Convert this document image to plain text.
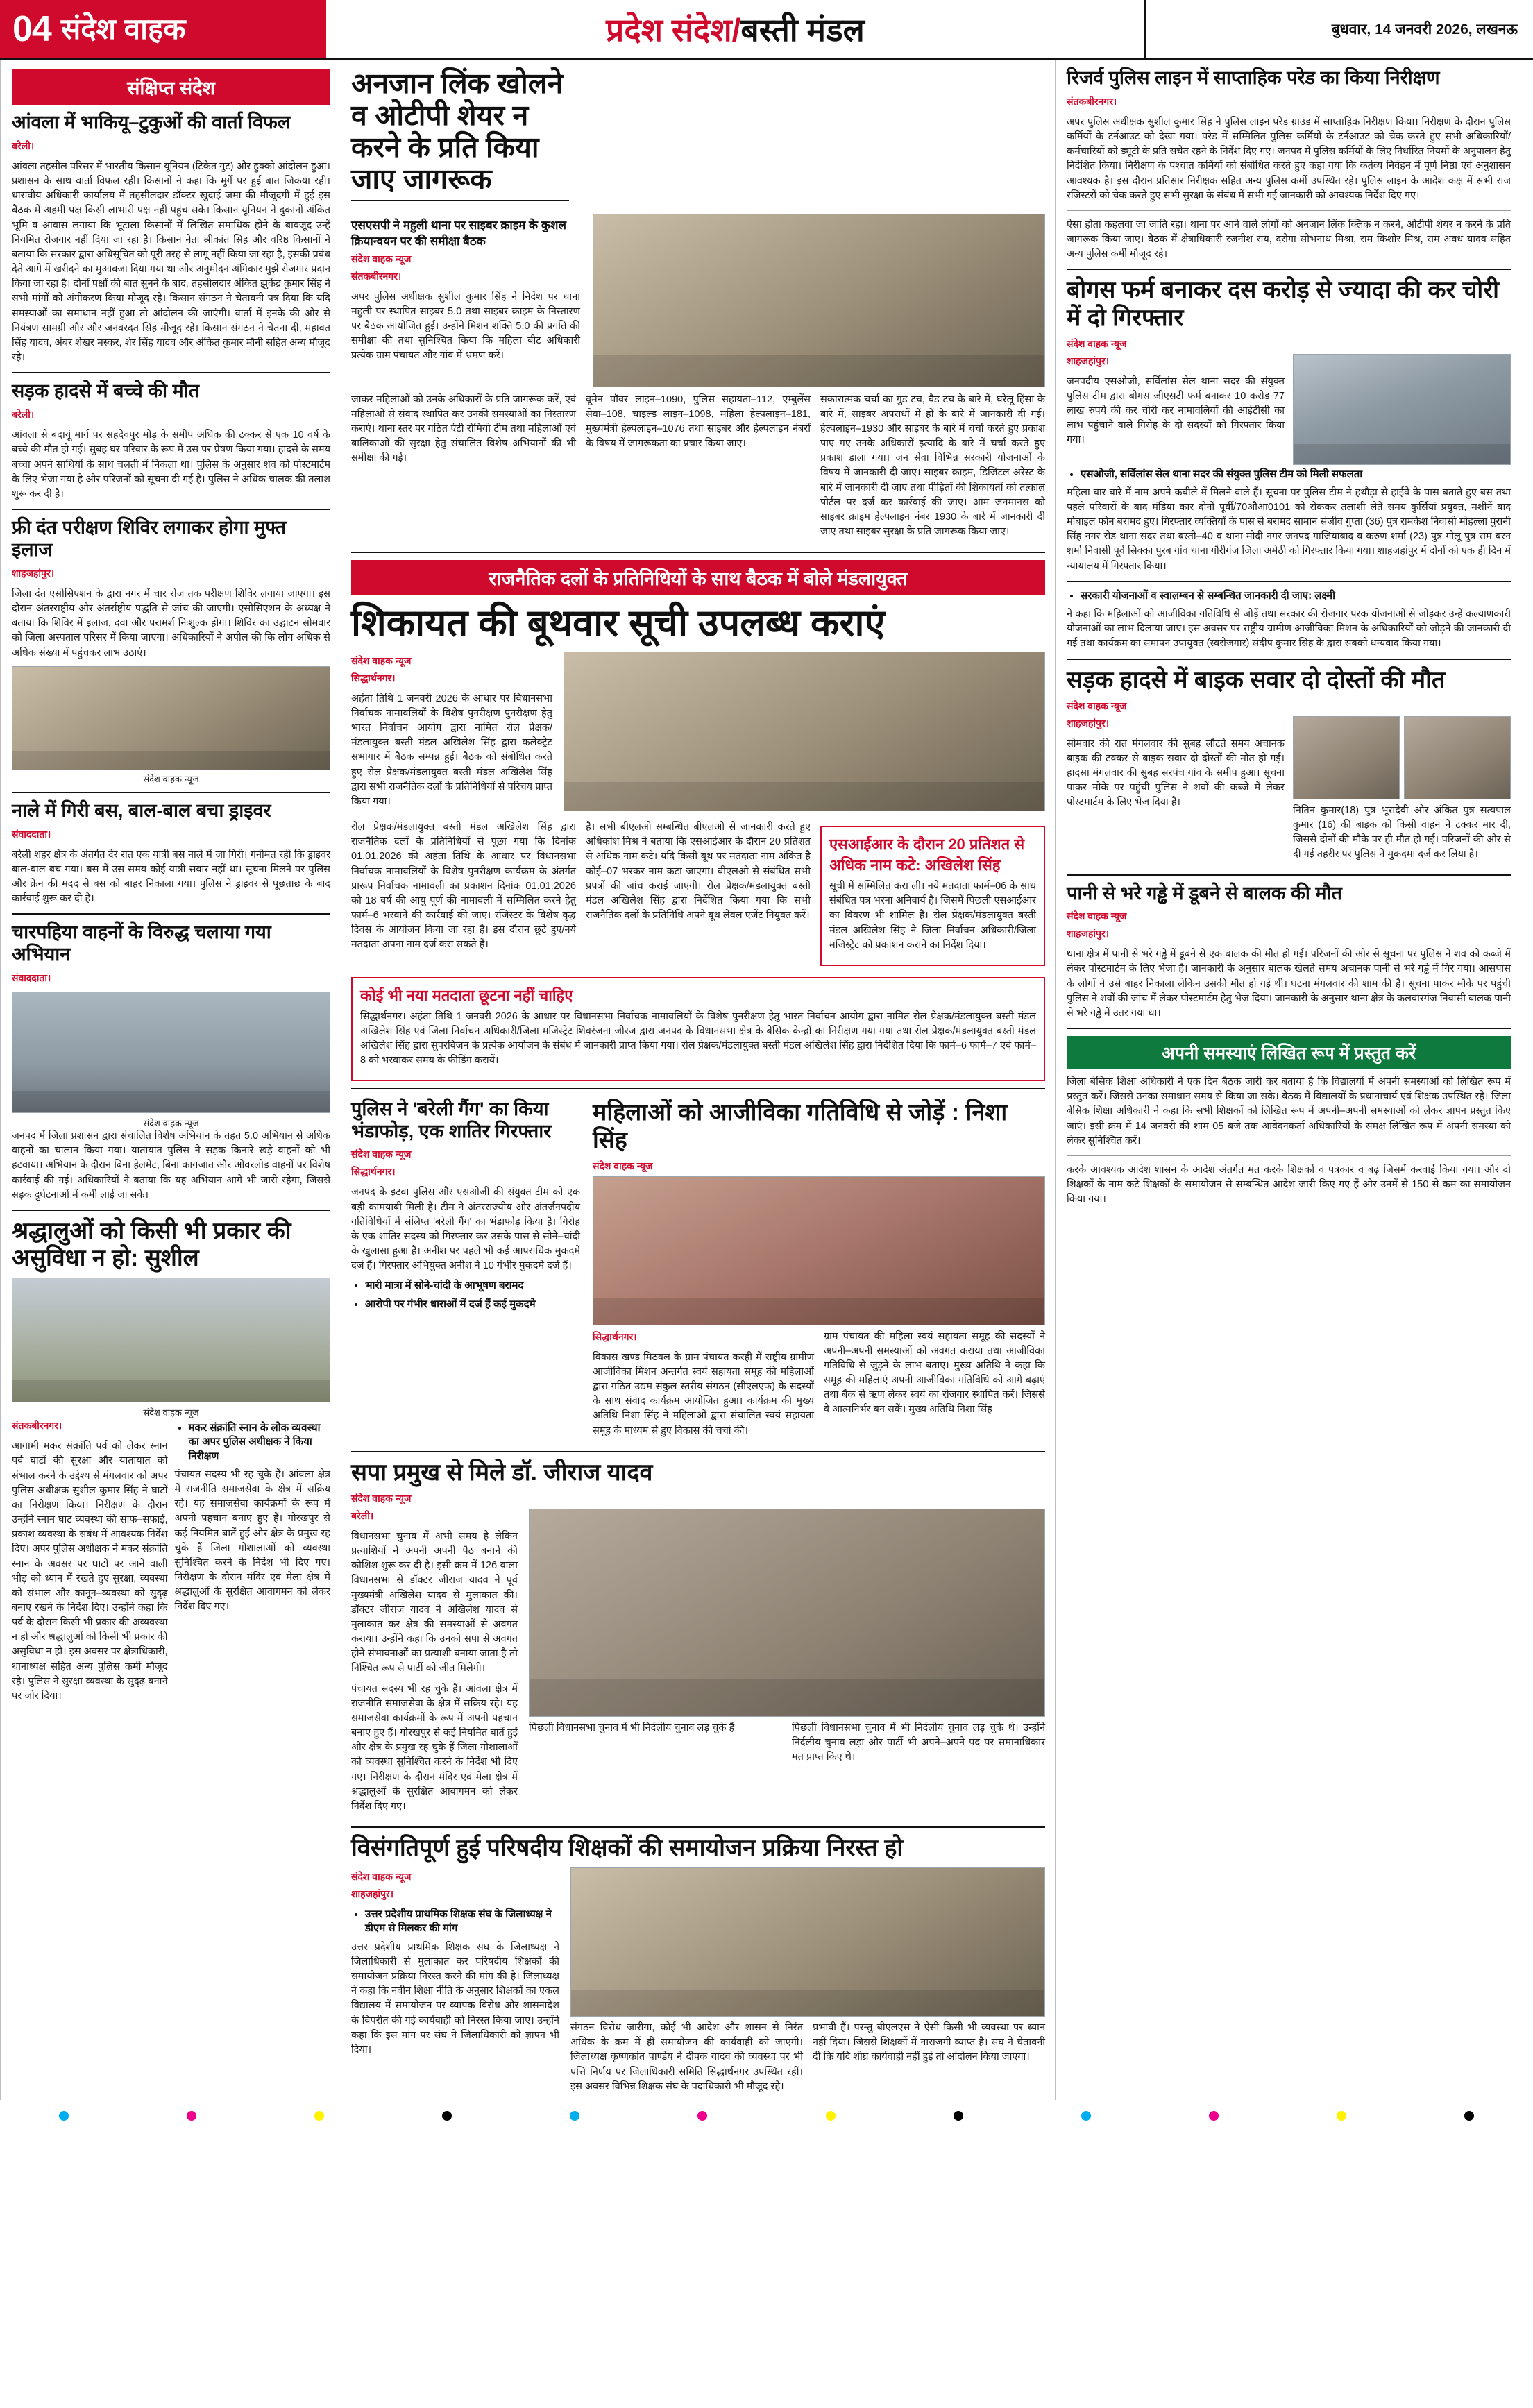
04 संदेश वाहक	प्रदेश संदेश/बस्ती मंडल	बुधवार, 14 जनवरी 2026, लखनऊ
संक्षिप्त संदेश
आंवला में भाकियू–टुकुओं की वार्ता विफल

बरेली।

आंवला तहसील परिसर में भारतीय किसान यूनियन (टिकैत गुट) और हुक्को आंदोलन हुआ। प्रशासन के साथ वार्ता विफल रही। किसानों ने कहा कि मुर्गे पर हुई बात जिकया रही। धारावीय अधिकारी कार्यालय में तहसीलदार डॉक्टर खुदाई जमा की मौजूदगी में हुई इस बैठक में अहमी पक्ष किसी लाभारी पक्ष नहीं पहुंच सके। किसान यूनियन ने दुकानों अंकित भूमि व आवास लगाया कि भूटाला किसानों में लिखित समाधिक होने के बावजूद उन्हें नियमित रोजगार नहीं दिया जा रहा है। किसान नेता श्रीकांत सिंह और वरिष्ठ किसानों ने बताया कि सरकार द्वारा अधिसूचित को पूरी तरह से लागू नहीं किया जा रहा है, इसकी प्रबंध देते आगे में खरीदने का मुआवजा दिया गया था और अनुमोदन अंगिकार मुझे रोजगार प्रदान किया जा रहा है। दोनों पक्षों की बात सुनने के बाद, तहसीलदार अंकित झुकेंद्र कुमार सिंह ने सभी मांगों को अंगीकरण किया मौजूद रहे। किसान संगठन ने चेतावनी पत्र दिया कि यदि समस्याओं का समाधान नहीं हुआ तो आंदोलन की जाएंगी। वार्ता में इनके की ओर से नियंत्रण सामग्री और और जनवरदत सिंह मौजूद रहे। किसान संगठन ने चेतना दी, महावत सिंह यादव, अंबर शेखर मस्कर, शेर सिंह यादव और अंकित कुमार मौनी सहित अन्य मौजूद रहे।

सड़क हादसे में बच्चे की मौत

बरेली।

आंवला से बदायूं मार्ग पर सहदेवपुर मोड़ के समीप अधिक की टक्कर से एक 10 वर्ष के बच्चे की मौत हो गई। सुबह घर परिवार के रूप में उस पर प्रेषण किया गया। हादसे के समय बच्चा अपने साथियों के साथ चलती में निकला था। पुलिस के अनुसार शव को पोस्टमार्टम के लिए भेजा गया है और परिजनों को सूचना दी गई है। पुलिस ने अधिक चालक की तलाश शुरू कर दी है।

फ्री दंत परीक्षण शिविर लगाकर होगा मुफ्त इलाज

शाहजहांपुर।

जिला दंत एसोसिएशन के द्वारा नगर में चार रोज तक परीक्षण शिविर लगाया जाएगा। इस दौरान अंतरराष्ट्रीय और अंतर्राष्ट्रीय पद्धति से जांच की जाएगी। एसोसिएशन के अध्यक्ष ने बताया कि शिविर में इलाज, दवा और परामर्श निःशुल्क होगा। शिविर का उद्घाटन सोमवार को जिला अस्पताल परिसर में किया जाएगा। अधिकारियों ने अपील की कि लोग अधिक से अधिक संख्या में पहुंचकर लाभ उठाएं।

संदेश वाहक न्यूज
नाले में गिरी बस, बाल-बाल बचा ड्राइवर

संवाददाता।

बरेली शहर क्षेत्र के अंतर्गत देर रात एक यात्री बस नाले में जा गिरी। गनीमत रही कि ड्राइवर बाल-बाल बच गया। बस में उस समय कोई यात्री सवार नहीं था। सूचना मिलने पर पुलिस और क्रेन की मदद से बस को बाहर निकाला गया। पुलिस ने ड्राइवर से पूछताछ के बाद कार्रवाई शुरू कर दी है।

चारपहिया वाहनों के विरुद्ध चलाया गया अभियान

संवाददाता।

संदेश वाहक न्यूज

जनपद में जिला प्रशासन द्वारा संचालित विशेष अभियान के तहत 5.0 अभियान से अधिक वाहनों का चालान किया गया। यातायात पुलिस ने सड़क किनारे खड़े वाहनों को भी हटवाया। अभियान के दौरान बिना हेलमेट, बिना कागजात और ओवरलोड वाहनों पर विशेष कार्रवाई की गई। अधिकारियों ने बताया कि यह अभियान आगे भी जारी रहेगा, जिससे सड़क दुर्घटनाओं में कमी लाई जा सके।

श्रद्धालुओं को किसी भी प्रकार की असुविधा न हो: सुशील
संदेश वाहक न्यूज

संतकबीरनगर।

आगामी मकर संक्रांति पर्व को लेकर स्नान पर्व घाटों की सुरक्षा और यातायात को संभाल करने के उद्देश्य से मंगलवार को अपर पुलिस अधीक्षक सुशील कुमार सिंह ने घाटों का निरीक्षण किया। निरीक्षण के दौरान उन्होंने स्नान घाट व्यवस्था की साफ–सफाई, प्रकाश व्यवस्था के संबंध में आवश्यक निर्देश दिए। अपर पुलिस अधीक्षक ने मकर संक्रांति स्नान के अवसर पर घाटों पर आने वाली भीड़ को ध्यान में रखते हुए सुरक्षा, व्यवस्था को संभाल और कानून–व्यवस्था को सुदृढ़ बनाए रखने के निर्देश दिए। उन्होंने कहा कि पर्व के दौरान किसी भी प्रकार की अव्यवस्था न हो और श्रद्धालुओं को किसी भी प्रकार की असुविधा न हो। इस अवसर पर क्षेत्राधिकारी, थानाध्यक्ष सहित अन्य पुलिस कर्मी मौजूद रहे। पुलिस ने सुरक्षा व्यवस्था के सुदृढ़ बनाने पर जोर दिया।

• मकर संक्रांति स्नान के लोक व्यवस्था का अपर पुलिस अधीक्षक ने किया निरीक्षण

पंचायत सदस्य भी रह चुके हैं। आंवला क्षेत्र में राजनीति समाजसेवा के क्षेत्र में सक्रिय रहे। यह समाजसेवा कार्यक्रमों के रूप में अपनी पहचान बनाए हुए हैं। गोरखपुर से कई नियमित बातें हुईं और क्षेत्र के प्रमुख रह चुके हैं जिला गोशालाओं को व्यवस्था सुनिश्चित करने के निर्देश भी दिए गए। निरीक्षण के दौरान मंदिर एवं मेला क्षेत्र में श्रद्धालुओं के सुरक्षित आवागमन को लेकर निर्देश दिए गए।

अनजान लिंक खोलने व ओटीपी शेयर न करने के प्रति किया जाए जागरूक
एसएसपी ने महुली थाना पर साइबर क्राइम के कुशल क्रियान्वयन पर की समीक्षा बैठक
संदेश वाहक न्यूज

संतकबीरनगर।

अपर पुलिस अधीक्षक सुशील कुमार सिंह ने निर्देश पर थाना महुली पर स्थापित साइबर 5.0 तथा साइबर क्राइम के निस्तारण पर बैठक आयोजित हुई। उन्होंने मिशन शक्ति 5.0 की प्रगति की समीक्षा की तथा सुनिश्चित किया कि महिला बीट अधिकारी प्रत्येक ग्राम पंचायत और गांव में भ्रमण करें।

जाकर महिलाओं को उनके अधिकारों के प्रति जागरूक करें, एवं महिलाओं से संवाद स्थापित कर उनकी समस्याओं का निस्तारण कराएं। थाना स्तर पर गठित एंटी रोमियो टीम तथा महिलाओं एवं बालिकाओं की सुरक्षा हेतु संचालित विशेष अभियानों की भी समीक्षा की गई।

वूमेन पॉवर लाइन–1090, पुलिस सहायता–112, एम्बुलेंस सेवा–108, चाइल्ड लाइन–1098, महिला हेल्पलाइन–181, मुख्यमंत्री हेल्पलाइन–1076 तथा साइबर और हेल्पलाइन नंबरों के विषय में जागरूकता का प्रचार किया जाए।

सकारात्मक चर्चा का गुड टच, बैड टच के बारे में, घरेलू हिंसा के बारे में, साइबर अपराधों में हों के बारे में जानकारी दी गई। हेल्पलाइन–1930 और साइबर के बारे में चर्चा करते हुए प्रकाश पाए गए उनके अधिकारों इत्यादि के बारे में चर्चा करते हुए प्रकाश डाला गया। जन सेवा विभिन्न सरकारी योजनाओं के विषय में जानकारी दी जाए। साइबर क्राइम, डिजिटल अरेस्ट के बारे में जानकारी दी जाए तथा पीड़ितों की शिकायतों को तत्काल पोर्टल पर दर्ज कर कार्रवाई की जाए। आम जनमानस को साइबर क्राइम हेल्पलाइन नंबर 1930 के बारे में जानकारी दी जाए तथा साइबर सुरक्षा के प्रति जागरूक किया जाए।

राजनैतिक दलों के प्रतिनिधियों के साथ बैठक में बोले मंडलायुक्त
शिकायत की बूथवार सूची उपलब्ध कराएं
संदेश वाहक न्यूज

सिद्धार्थनगर।

अहंता तिथि 1 जनवरी 2026 के आधार पर विधानसभा निर्वाचक नामावलियों के विशेष पुनरीक्षण पुनरीक्षण हेतु भारत निर्वाचन आयोग द्वारा नामित रोल प्रेक्षक/मंडलायुक्त बस्ती मंडल अखिलेश सिंह द्वारा कलेक्ट्रेट सभागार में बैठक सम्पन्न हुई। बैठक को संबोधित करते हुए रोल प्रेक्षक/मंडलायुक्त बस्ती मंडल अखिलेश सिंह द्वारा सभी राजनैतिक दलों के प्रतिनिधियों से परिचय प्राप्त किया गया।

रोल प्रेक्षक/मंडलायुक्त बस्ती मंडल अखिलेश सिंह द्वारा राजनैतिक दलों के प्रतिनिधियों से पूछा गया कि दिनांक 01.01.2026 की अहंता तिथि के आधार पर विधानसभा निर्वाचक नामावलियों के विशेष पुनरीक्षण कार्यक्रम के अंतर्गत प्रारूप निर्वाचक नामावली का प्रकाशन दिनांक 01.01.2026 को 18 वर्ष की आयु पूर्ण की नामावली में सम्मिलित करने हेतु फार्म–6 भरवाने की कार्रवाई की जाए। रजिस्टर के विशेष वृद्ध दिवस के आयोजन किया जा रहा है। इस दौरान छूटे हुए/नये मतदाता अपना नाम दर्ज करा सकते हैं।

है। सभी बीएलओ सम्बन्धित बीएलओ से जानकारी करते हुए अधिकांश मिश्र ने बताया कि एसआईआर के दौरान 20 प्रतिशत से अधिक नाम कटे। यदि किसी बूथ पर मतदाता नाम अंकित है कोई–07 भरकर नाम कटा जाएगा। बीएलओ से संबंधित सभी प्रपत्रों की जांच कराई जाएगी। रोल प्रेक्षक/मंडलायुक्त बस्ती मंडल अखिलेश सिंह द्वारा निर्देशित किया गया कि सभी राजनैतिक दलों के प्रतिनिधि अपने बूथ लेवल एजेंट नियुक्त करें।

एसआईआर के दौरान 20 प्रतिशत से अधिक नाम कटे: अखिलेश सिंह

सूची में सम्मिलित करा ली। नये मतदाता फार्म–06 के साथ संबंधित पत्र भरना अनिवार्य है। जिसमें पिछली एसआईआर का विवरण भी शामिल है। रोल प्रेक्षक/मंडलायुक्त बस्ती मंडल अखिलेश सिंह ने जिला निर्वाचन अधिकारी/जिला मजिस्ट्रेट को प्रकाशन कराने का निर्देश दिया।

कोई भी नया मतदाता छूटना नहीं चाहिए

सिद्धार्थनगर। अहंता तिथि 1 जनवरी 2026 के आधार पर विधानसभा निर्वाचक नामावलियों के विशेष पुनरीक्षण हेतु भारत निर्वाचन आयोग द्वारा नामित रोल प्रेक्षक/मंडलायुक्त बस्ती मंडल अखिलेश सिंह एवं जिला निर्वाचन अधिकारी/जिला मजिस्ट्रेट शिवरंजना जीरज द्वारा जनपद के विधानसभा क्षेत्र के बेसिक केन्द्रों का निरीक्षण गया गया तथा रोल प्रेक्षक/मंडलायुक्त बस्ती मंडल अखिलेश सिंह द्वारा सुपरविजन के प्रत्येक आयोजन के संबंध में जानकारी प्राप्त किया गया। रोल प्रेक्षक/मंडलायुक्त बस्ती मंडल अखिलेश सिंह द्वारा निर्देशित दिया कि फार्म–6 फार्म–7 एवं फार्म–8 को भरवाकर समय के फीडिंग करायें।

पुलिस ने 'बरेली गैंग' का किया भंडाफोड़, एक शातिर गिरफ्तार
संदेश वाहक न्यूज

सिद्धार्थनगर।

जनपद के इटवा पुलिस और एसओजी की संयुक्त टीम को एक बड़ी कामयाबी मिली है। टीम ने अंतरराज्यीय और अंतर्जनपदीय गतिविधियों में संलिप्त 'बरेली गैंग' का भंडाफोड़ किया है। गिरोह के एक शातिर सदस्य को गिरफ्तार कर उसके पास से सोने–चांदी के खुलासा हुआ है। अनीश पर पहले भी कई आपराधिक मुकदमे दर्ज हैं। गिरफ्तार अभियुक्त अनीश ने 10 गंभीर मुकदमे दर्ज हैं।

• भारी मात्रा में सोने-चांदी के आभूषण बरामद
• आरोपी पर गंभीर धाराओं में दर्ज हैं कई मुकदमे
महिलाओं को आजीविका गतिविधि से जोड़ें : निशा सिंह
संदेश वाहक न्यूज

सिद्धार्थनगर।

विकास खण्ड मिठवल के ग्राम पंचायत करही में राष्ट्रीय ग्रामीण आजीविका मिशन अन्तर्गत स्वयं सहायता समूह की महिलाओं द्वारा गठित उद्यम संकुल स्तरीय संगठन (सीएलएफ) के सदस्यों के साथ संवाद कार्यक्रम आयोजित हुआ। कार्यक्रम की मुख्य अतिथि निशा सिंह ने महिलाओं द्वारा संचालित स्वयं सहायता समूह के माध्यम से हुए विकास की चर्चा की।

ग्राम पंचायत की महिला स्वयं सहायता समूह की सदस्यों ने अपनी–अपनी समस्याओं को अवगत कराया तथा आजीविका गतिविधि से जुड़ने के लाभ बताए। मुख्य अतिथि ने कहा कि समूह की महिलाएं अपनी आजीविका गतिविधि को आगे बढ़ाएं तथा बैंक से ऋण लेकर स्वयं का रोजगार स्थापित करें। जिससे वे आत्मनिर्भर बन सकें। मुख्य अतिथि निशा सिंह

सपा प्रमुख से मिले डॉ. जीराज यादव
संदेश वाहक न्यूज

बरेली।

विधानसभा चुनाव में अभी समय है लेकिन प्रत्याशियों ने अपनी अपनी पैठ बनाने की कोशिश शुरू कर दी है। इसी क्रम में 126 वाला विधानसभा से डॉक्टर जीराज यादव ने पूर्व मुख्यमंत्री अखिलेश यादव से मुलाकात की। डॉक्टर जीराज यादव ने अखिलेश यादव से मुलाकात कर क्षेत्र की समस्याओं से अवगत कराया। उन्होंने कहा कि उनको सपा से अवगत होने संभावनाओं का प्रत्याशी बनाया जाता है तो निश्चित रूप से पार्टी को जीत मिलेगी।

पंचायत सदस्य भी रह चुके हैं। आंवला क्षेत्र में राजनीति समाजसेवा के क्षेत्र में सक्रिय रहे। यह समाजसेवा कार्यक्रमों के रूप में अपनी पहचान बनाए हुए हैं। गोरखपुर से कई नियमित बातें हुईं और क्षेत्र के प्रमुख रह चुके हैं जिला गोशालाओं को व्यवस्था सुनिश्चित करने के निर्देश भी दिए गए। निरीक्षण के दौरान मंदिर एवं मेला क्षेत्र में श्रद्धालुओं के सुरक्षित आवागमन को लेकर निर्देश दिए गए।

पिछली विधानसभा चुनाव में भी निर्दलीय चुनाव लड़ चुके हैं	पिछली विधानसभा चुनाव में भी निर्दलीय चुनाव लड़ चुके थे। उन्होंने निर्दलीय चुनाव लड़ा और पार्टी भी अपने–अपने पद पर समानाधिकार मत प्राप्त किए थे।

विसंगतिपूर्ण हुई परिषदीय शिक्षकों की समायोजन प्रक्रिया निरस्त हो
संदेश वाहक न्यूज

शाहजहांपुर।

• उत्तर प्रदेशीय प्राथमिक शिक्षक संघ के जिलाध्यक्ष ने डीएम से मिलकर की मांग

उत्तर प्रदेशीय प्राथमिक शिक्षक संघ के जिलाध्यक्ष ने जिलाधिकारी से मुलाकात कर परिषदीय शिक्षकों की समायोजन प्रक्रिया निरस्त करने की मांग की है। जिलाध्यक्ष ने कहा कि नवीन शिक्षा नीति के अनुसार शिक्षकों का एकल विद्यालय में समायोजन पर व्यापक विरोध और शासनादेश के विपरीत की गई कार्यवाही को निरस्त किया जाए। उन्होंने कहा कि इस मांग पर संघ ने जिलाधिकारी को ज्ञापन भी दिया।

संगठन विरोध जारीगा, कोई भी आदेश और शासन से निरंत अधिक के क्रम में ही समायोजन की कार्यवाही को जाएगी। जिलाध्यक्ष कृष्णकांत पाण्डेय ने दीपक यादव की व्यवस्था पर भी पत्ति निर्णय पर जिलाधिकारी समिति सिद्धार्थनगर उपस्थित रहीं। इस अवसर विभिन्न शिक्षक संघ के पदाधिकारी भी मौजूद रहे।

प्रभावी हैं। परन्तु बीएलएस ने ऐसी किसी भी व्यवस्था पर ध्यान नहीं दिया। जिससे शिक्षकों में नाराजगी व्याप्त है। संघ ने चेतावनी दी कि यदि शीघ्र कार्यवाही नहीं हुई तो आंदोलन किया जाएगा।

रिजर्व पुलिस लाइन में साप्ताहिक परेड का किया निरीक्षण

संतकबीरनगर।

अपर पुलिस अधीक्षक सुशील कुमार सिंह ने पुलिस लाइन परेड ग्राउंड में साप्ताहिक निरीक्षण किया। निरीक्षण के दौरान पुलिस कर्मियों के टर्नआउट को देखा गया। परेड में सम्मिलित पुलिस कर्मियों के टर्नआउट को चेक करते हुए सभी अधिकारियों/कर्मचारियों को ड्यूटी के प्रति सचेत रहने के निर्देश दिए गए। जनपद में पुलिस कर्मियों के लिए निर्धारित नियमों के अनुपालन हेतु निर्देशित किया। निरीक्षण के पश्चात कर्मियों को संबोधित करते हुए कहा गया कि कर्तव्य निर्वहन में पूर्ण निष्ठा एवं अनुशासन आवश्यक है। इस दौरान प्रतिसार निरीक्षक सहित अन्य पुलिस कर्मी उपस्थित रहे। पुलिस लाइन के आदेश कक्ष में सभी राज रजिस्टरों को चेक करते हुए सभी सुरक्षा के संबंध में सभी गई जानकारी को आवश्यक निर्देश दिए गए।

ऐसा होता कहलवा जा जाति रहा। थाना पर आने वाले लोगों को अनजान लिंक क्लिक न करने, ओटीपी शेयर न करने के प्रति जागरूक किया जाए। बैठक में क्षेत्राधिकारी रजनीश राय, दरोगा सोभनाथ मिश्रा, राम किशोर मिश्र, राम अवध यादव सहित अन्य पुलिस कर्मी मौजूद रहे।

बोगस फर्म बनाकर दस करोड़ से ज्यादा की कर चोरी में दो गिरफ्तार
संदेश वाहक न्यूज

शाहजहांपुर।

जनपदीय एसओजी, सर्विलांस सेल थाना सदर की संयुक्त पुलिस टीम द्वारा बोगस जीएसटी फर्म बनाकर 10 करोड़ 77 लाख रुपये की कर चोरी कर नामावलियों की आईटीसी का लाभ पहुंचाने वाले गिरोह के दो सदस्यों को गिरफ्तार किया गया।

• एसओजी, सर्विलांस सेल थाना सदर की संयुक्त पुलिस टीम को मिली सफलता

महिला बार बारे में नाम अपने कबीले में मिलने वाले हैं। सूचना पर पुलिस टीम ने हथौड़ा से हाईवे के पास बताते हुए बस तथा पहले परिवारों के बाद मंडिया कार दोनों पूर्वी/70औआ0101 को रोककर तलाशी लेते समय कुर्सियां प्रयुक्त, मशीनें बाद मोबाइल फोन बरामद हुए। गिरफ्तार व्यक्तियों के पास से बरामद सामान संजीव गुप्ता (36) पुत्र रामकेश निवासी मोहल्ला पुरानी सिंह नगर रोड थाना सदर तथा बस्ती–40 व थाना मोदी नगर जनपद गाजियाबाद व करुण शर्मा (23) पुत्र गोलू पुत्र राम बरन शर्मा निवासी पूर्व सिक्का पुरब गांव थाना गौरीगंज जिला अमेठी को गिरफ्तार किया गया। शाहजहांपुर में दोनों को एक ही दिन में न्यायालय में गिरफ्तार किया।

• सरकारी योजनाओं व स्वालम्बन से सम्बन्धित जानकारी दी जाए: लक्ष्मी

ने कहा कि महिलाओं को आजीविका गतिविधि से जोड़ें तथा सरकार की रोजगार परक योजनाओं से जोड़कर उन्हें कल्याणकारी योजनाओं का लाभ दिलाया जाए। इस अवसर पर राष्ट्रीय ग्रामीण आजीविका मिशन के अधिकारियों को जोड़ने की जानकारी दी गई तथा कार्यक्रम का समापन उपायुक्त (स्वरोजगार) संदीप कुमार सिंह के द्वारा सबको धन्यवाद किया गया।

सड़क हादसे में बाइक सवार दो दोस्तों की मौत
संदेश वाहक न्यूज

शाहजहांपुर।

सोमवार की रात मंगलवार की सुबह लौटते समय अचानक बाइक की टक्कर से बाइक सवार दो दोस्तों की मौत हो गई। हादसा मंगलवार की सुबह सरपंच गांव के समीप हुआ। सूचना पाकर मौके पर पहुंची पुलिस ने शवों की कब्जे में लेकर पोस्टमार्टम के लिए भेज दिया है।

नितिन कुमार(18) पुत्र भूरादेवी और अंकित पुत्र सत्यपाल कुमार (16) की बाइक को किसी वाहन ने टक्कर मार दी, जिससे दोनों की मौके पर ही मौत हो गई। परिजनों की ओर से दी गई तहरीर पर पुलिस ने मुकदमा दर्ज कर लिया है।

पानी से भरे गड्ढे में डूबने से बालक की मौत
संदेश वाहक न्यूज

शाहजहांपुर।

थाना क्षेत्र में पानी से भरे गड्ढे में डूबने से एक बालक की मौत हो गई। परिजनों की ओर से सूचना पर पुलिस ने शव को कब्जे में लेकर पोस्टमार्टम के लिए भेजा है। जानकारी के अनुसार बालक खेलते समय अचानक पानी से भरे गड्ढे में गिर गया। आसपास के लोगों ने उसे बाहर निकाला लेकिन उसकी मौत हो गई थी। घटना मंगलवार की शाम की है। सूचना पाकर मौके पर पहुंची पुलिस ने शवों की जांच में लेकर पोस्टमार्टम हेतु भेज दिया। जानकारी के अनुसार थाना क्षेत्र के कलवारगंज निवासी बालक पानी से भरे गड्ढे में उतर गया था।

अपनी समस्याएं लिखित रूप में प्रस्तुत करें

जिला बेसिक शिक्षा अधिकारी ने एक दिन बैठक जारी कर बताया है कि विद्यालयों में अपनी समस्याओं को लिखित रूप में प्रस्तुत करें। जिससे उनका समाधान समय से किया जा सके। बैठक में विद्यालयों के प्रधानाचार्य एवं शिक्षक उपस्थित रहे। जिला बेसिक शिक्षा अधिकारी ने कहा कि सभी शिक्षकों को लिखित रूप में अपनी–अपनी समस्याओं को लेकर ज्ञापन प्रस्तुत किए जाएं। इसी क्रम में 14 जनवरी की शाम 05 बजे तक आवेदनकर्ता अधिकारियों के समक्ष लिखित रूप में अपनी समस्या को लेकर सुनिश्चित करें।

करके आवश्यक आदेश शासन के आदेश अंतर्गत मत करके शिक्षकों व पत्रकार व बढ़ जिसमें करवाई किया गया। और दो शिक्षकों के नाम कटे शिक्षकों के समायोजन से सम्बन्धित आदेश जारी किए गए हैं और उनमें से 150 से कम का समायोजन किया गया।
